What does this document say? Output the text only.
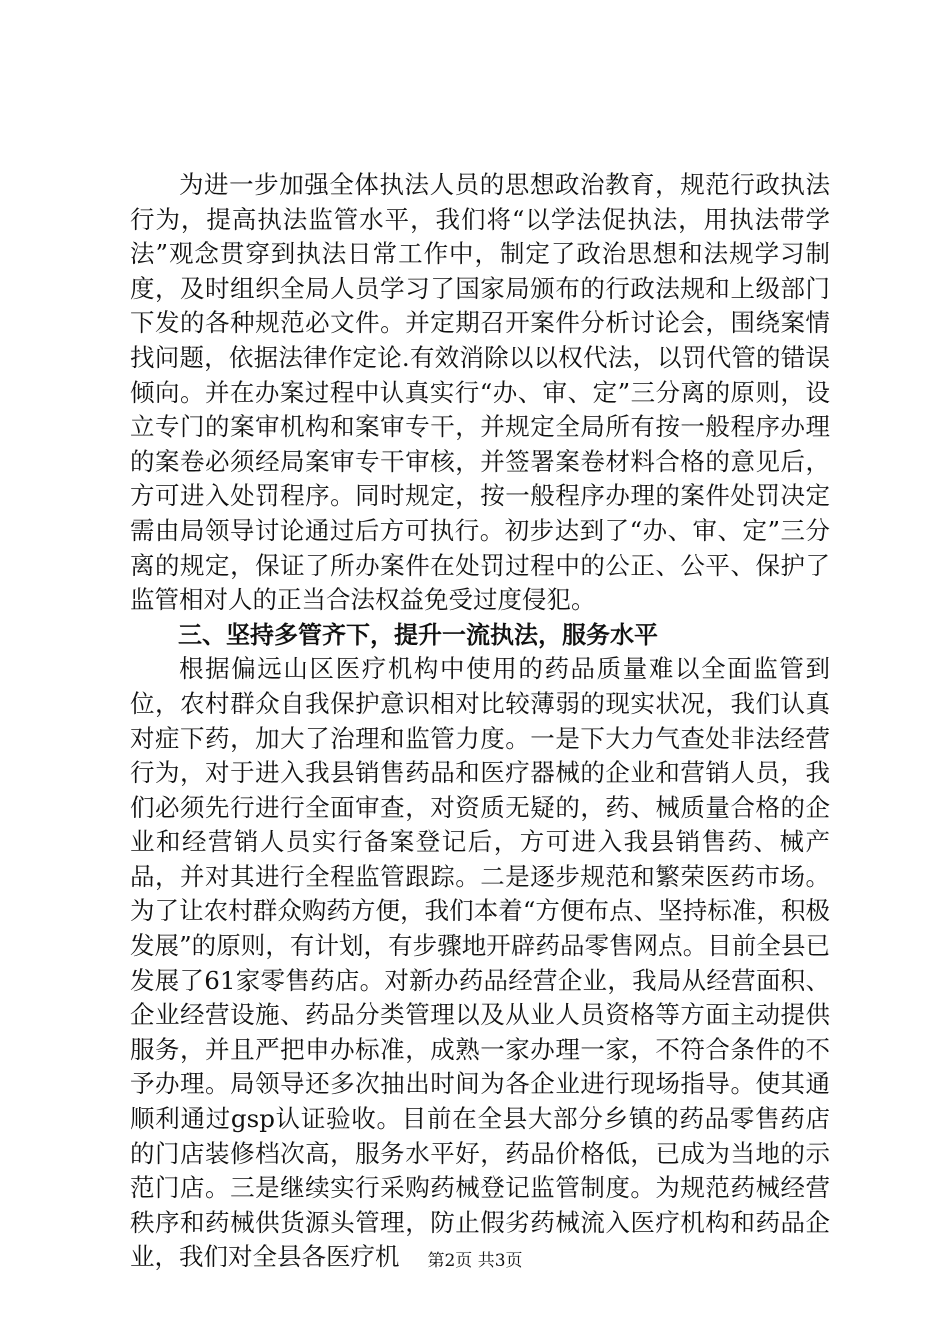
为进一步加强全体执法人员的思想政治教育，规范行政执法行为，提高执法监管水平，我们将“以学法促执法，用执法带学法”观念贯穿到执法日常工作中，制定了政治思想和法规学习制度，及时组织全局人员学习了国家局颁布的行政法规和上级部门下发的各种规范必文件。并定期召开案件分析讨论会，围绕案情找问题，依据法律作定论.有效消除以以权代法，以罚代管的错误倾向。并在办案过程中认真实行“办、审、定”三分离的原则，设立专门的案审机构和案审专干，并规定全局所有按一般程序办理的案卷必须经局案审专干审核，并签署案卷材料合格的意见后，方可进入处罚程序。同时规定，按一般程序办理的案件处罚决定需由局领导讨论通过后方可执行。初步达到了“办、审、定”三分离的规定，保证了所办案件在处罚过程中的公正、公平、保护了监管相对人的正当合法权益免受过度侵犯。

三、坚持多管齐下，提升一流执法，服务水平

根据偏远山区医疗机构中使用的药品质量难以全面监管到位，农村群众自我保护意识相对比较薄弱的现实状况，我们认真对症下药，加大了治理和监管力度。一是下大力气查处非法经营行为，对于进入我县销售药品和医疗器械的企业和营销人员，我们必须先行进行全面审查，对资质无疑的，药、械质量合格的企业和经营销人员实行备案登记后，方可进入我县销售药、械产品，并对其进行全程监管跟踪。二是逐步规范和繁荣医药市场。为了让农村群众购药方便，我们本着“方便布点、坚持标准，积极发展”的原则，有计划，有步骤地开辟药品零售网点。目前全县已发展了61家零售药店。对新办药品经营企业，我局从经营面积、企业经营设施、药品分类管理以及从业人员资格等方面主动提供服务，并且严把申办标准，成熟一家办理一家，不符合条件的不予办理。局领导还多次抽出时间为各企业进行现场指导。使其通顺利通过gsp认证验收。目前在全县大部分乡镇的药品零售药店的门店装修档次高，服务水平好，药品价格低，已成为当地的示范门店。三是继续实行采购药械登记监管制度。为规范药械经营秩序和药械供货源头管理，防止假劣药械流入医疗机构和药品企业，我们对全县各医疗机	第2页 共3页
